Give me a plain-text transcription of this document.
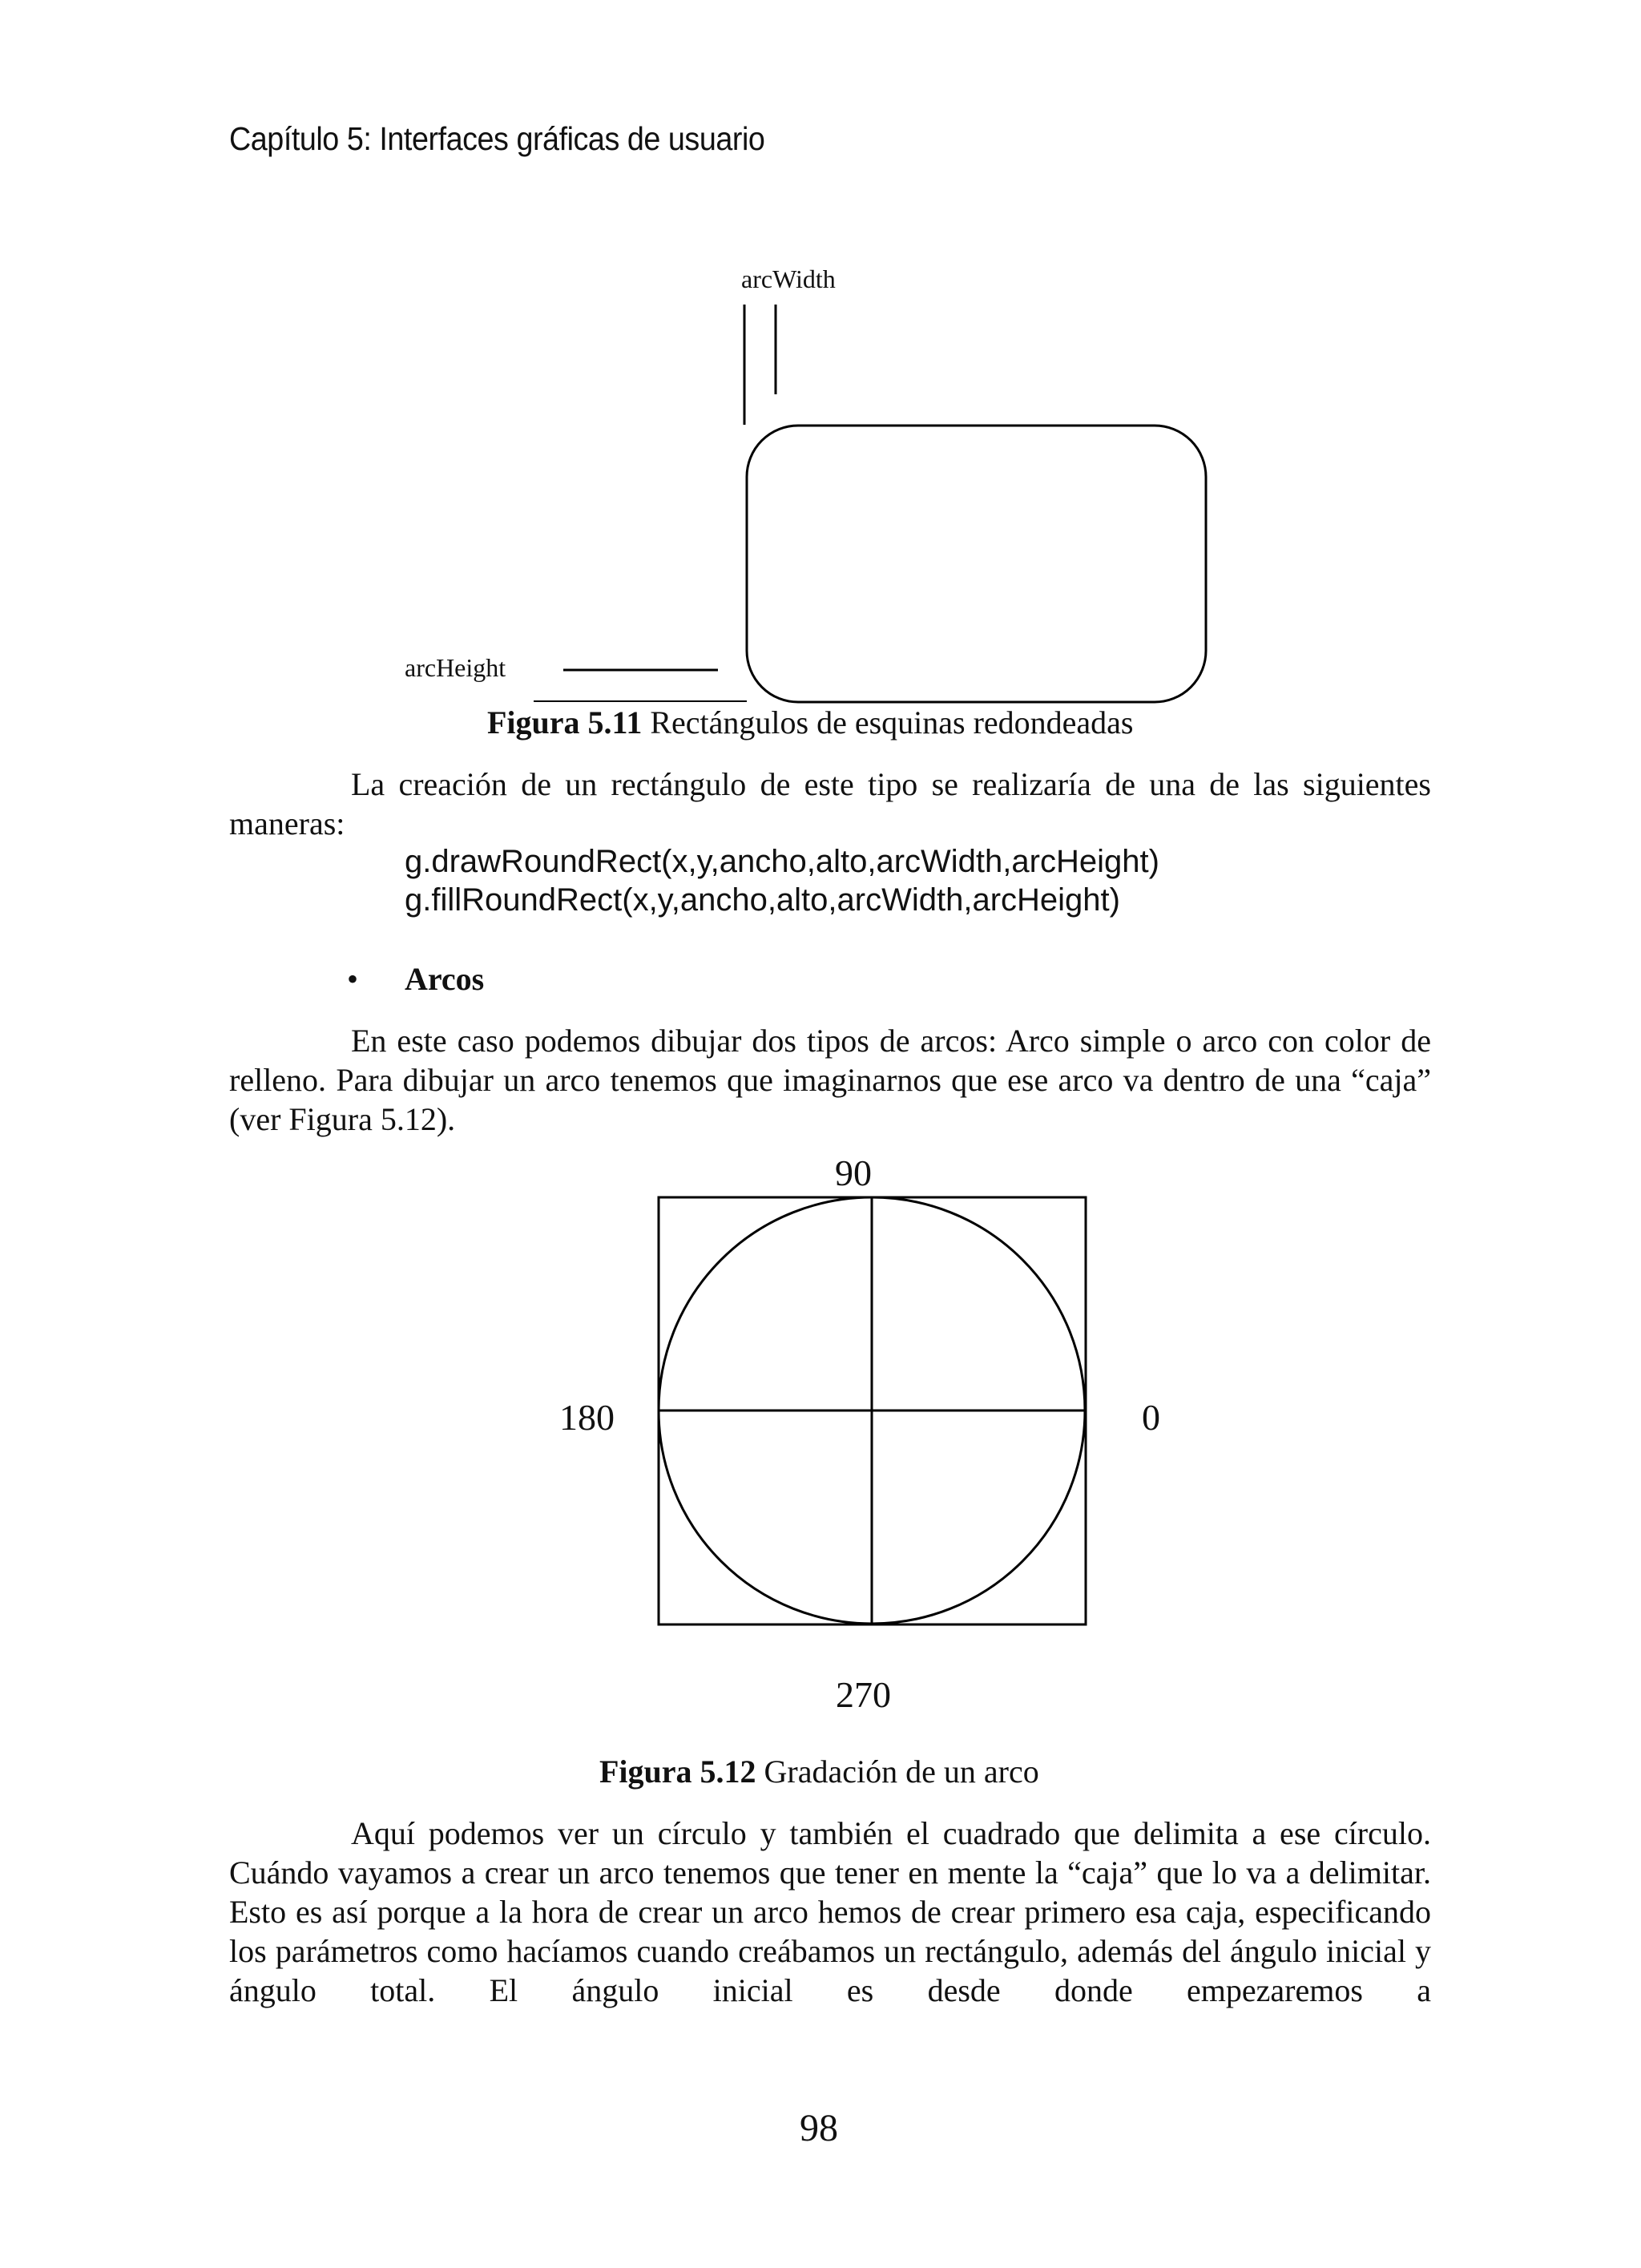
Capítulo 5: Interfaces gráficas de usuario
arcWidth
arcHeight
Figura 5.11 Rectángulos de esquinas redondeadas
La creación de un rectángulo de este tipo se realizaría de una de las siguientes maneras:
g.drawRoundRect(x,y,ancho,alto,arcWidth,arcHeight)
g.fillRoundRect(x,y,ancho,alto,arcWidth,arcHeight)
• Arcos
En este caso podemos dibujar dos tipos de arcos: Arco simple o arco con color de relleno. Para dibujar un arco tenemos que imaginarnos que ese arco va dentro de una “caja” (ver Figura 5.12).
90
180	0
270
Figura 5.12 Gradación de un arco
Aquí podemos ver un círculo y también el cuadrado que delimita a ese círculo. Cuándo vayamos a crear un arco tenemos que tener en mente la “caja” que lo va a delimitar. Esto es así porque a la hora de crear un arco hemos de crear primero esa caja, especificando los parámetros como hacíamos cuando creábamos un rectángulo, además del ángulo inicial y ángulo total. El ángulo inicial es desde donde empezaremos a
98
